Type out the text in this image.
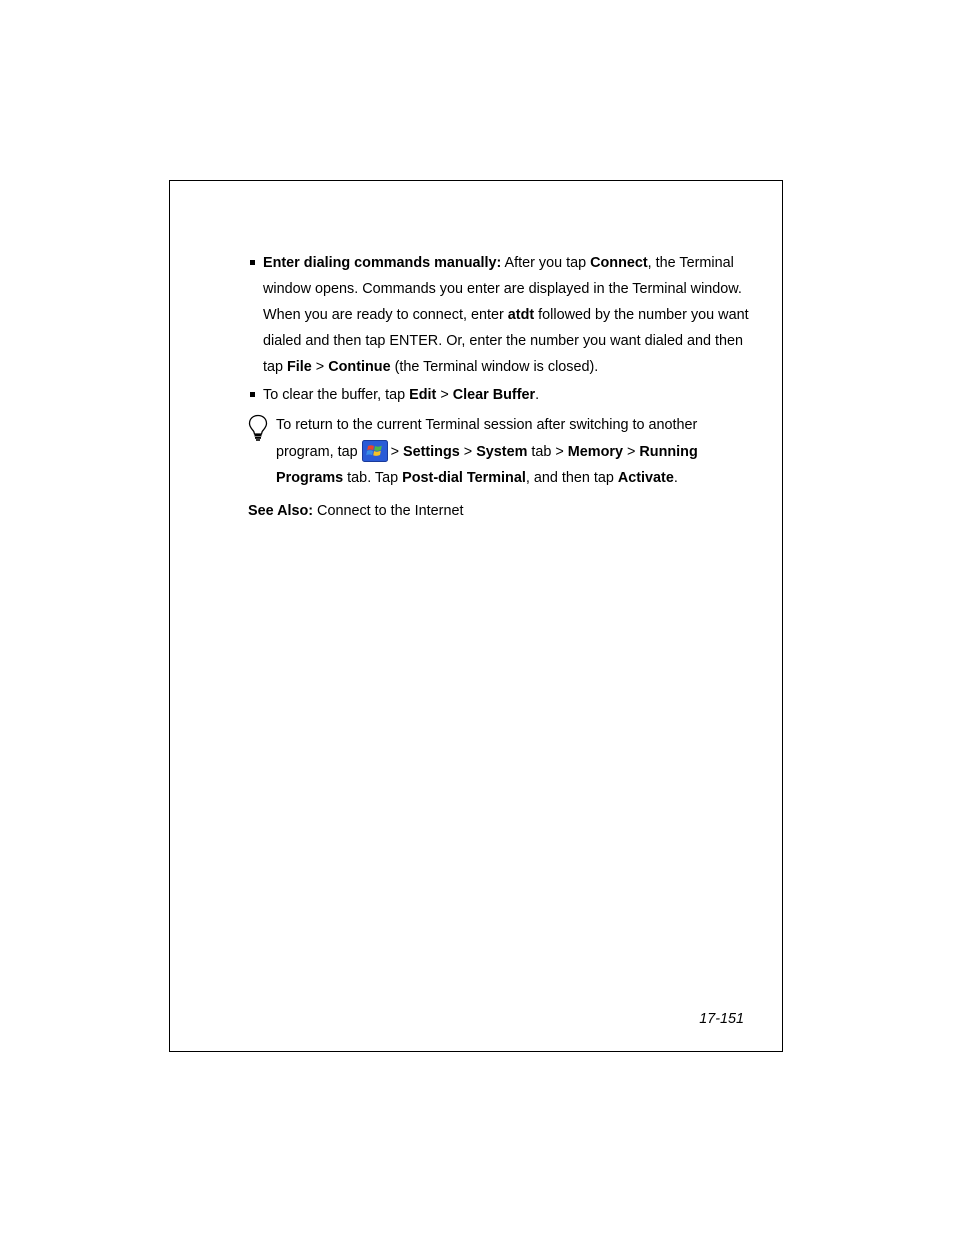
Enter dialing commands manually: After you tap Connect, the Terminal window opens. Commands you enter are displayed in the Terminal window. When you are ready to connect, enter atdt followed by the number you want dialed and then tap ENTER. Or, enter the number you want dialed and then tap File > Continue (the Terminal window is closed).
To clear the buffer, tap Edit > Clear Buffer.
To return to the current Terminal session after switching to another program, tap > Settings > System tab > Memory > Running Programs tab. Tap Post-dial Terminal, and then tap Activate.
See Also: Connect to the Internet
17-151
